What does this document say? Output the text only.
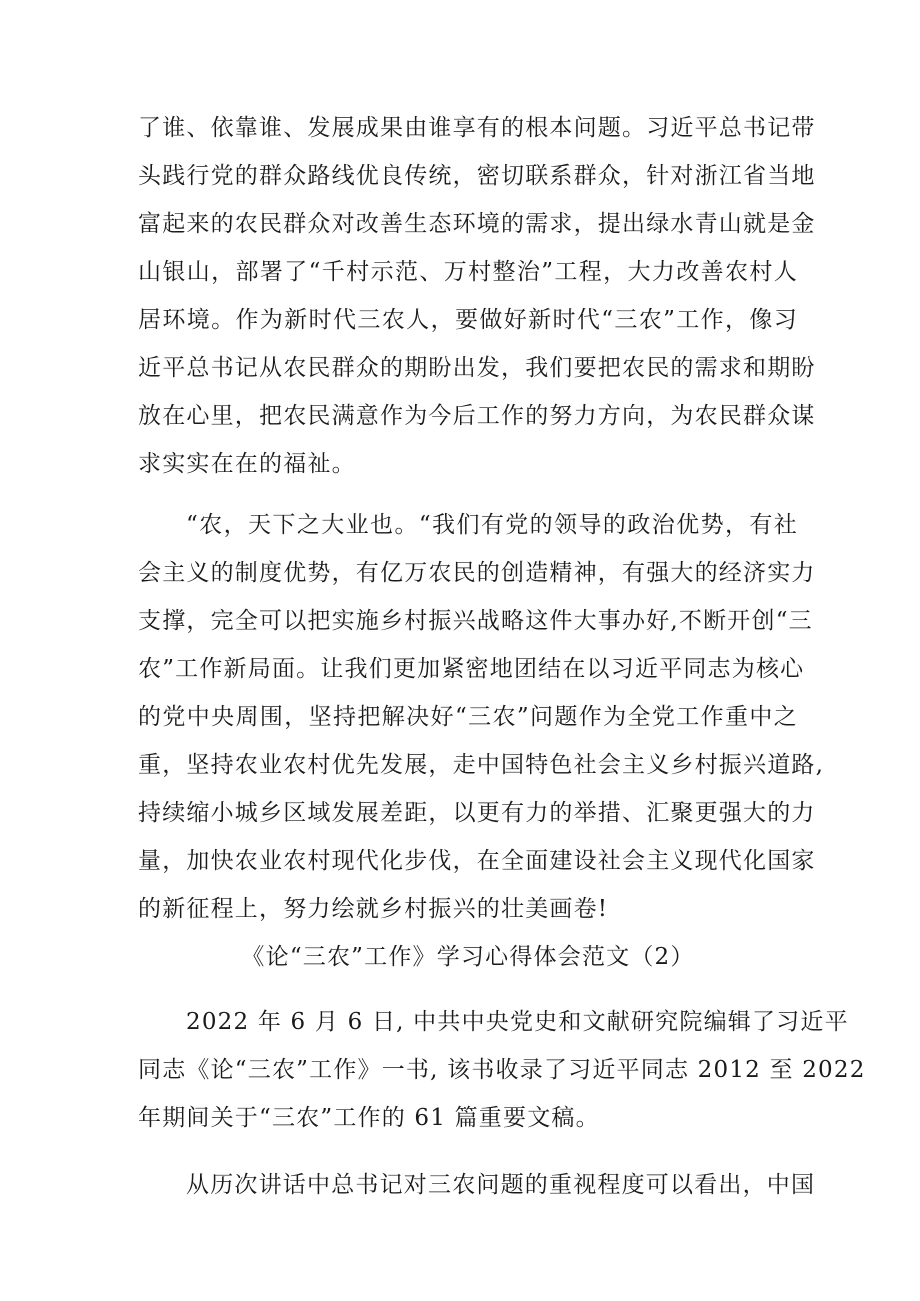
了谁、依靠谁、发展成果由谁享有的根本问题。习近平总书记带
头践行党的群众路线优良传统，密切联系群众，针对浙江省当地
富起来的农民群众对改善生态环境的需求，提出绿水青山就是金
山银山，部署了“千村示范、万村整治”工程，大力改善农村人
居环境。作为新时代三农人，要做好新时代“三农”工作，像习
近平总书记从农民群众的期盼出发，我们要把农民的需求和期盼
放在心里，把农民满意作为今后工作的努力方向，为农民群众谋
求实实在在的福祉。
“农，天下之大业也。“我们有党的领导的政治优势，有社
会主义的制度优势，有亿万农民的创造精神，有强大的经济实力
支撑，完全可以把实施乡村振兴战略这件大事办好,不断开创“三
农”工作新局面。让我们更加紧密地团结在以习近平同志为核心
的党中央周围，坚持把解决好“三农”问题作为全党工作重中之
重，坚持农业农村优先发展，走中国特色社会主义乡村振兴道路,
持续缩小城乡区域发展差距，以更有力的举措、汇聚更强大的力
量，加快农业农村现代化步伐，在全面建设社会主义现代化国家
的新征程上，努力绘就乡村振兴的壮美画卷!
《论“三农”工作》学习心得体会范文（2）
2022 年 6 月 6 日, 中共中央党史和文献研究院编辑了习近平
同志《论“三农”工作》一书, 该书收录了习近平同志 2012 至 2022
年期间关于“三农”工作的 61 篇重要文稿。
从历次讲话中总书记对三农问题的重视程度可以看出，中国
